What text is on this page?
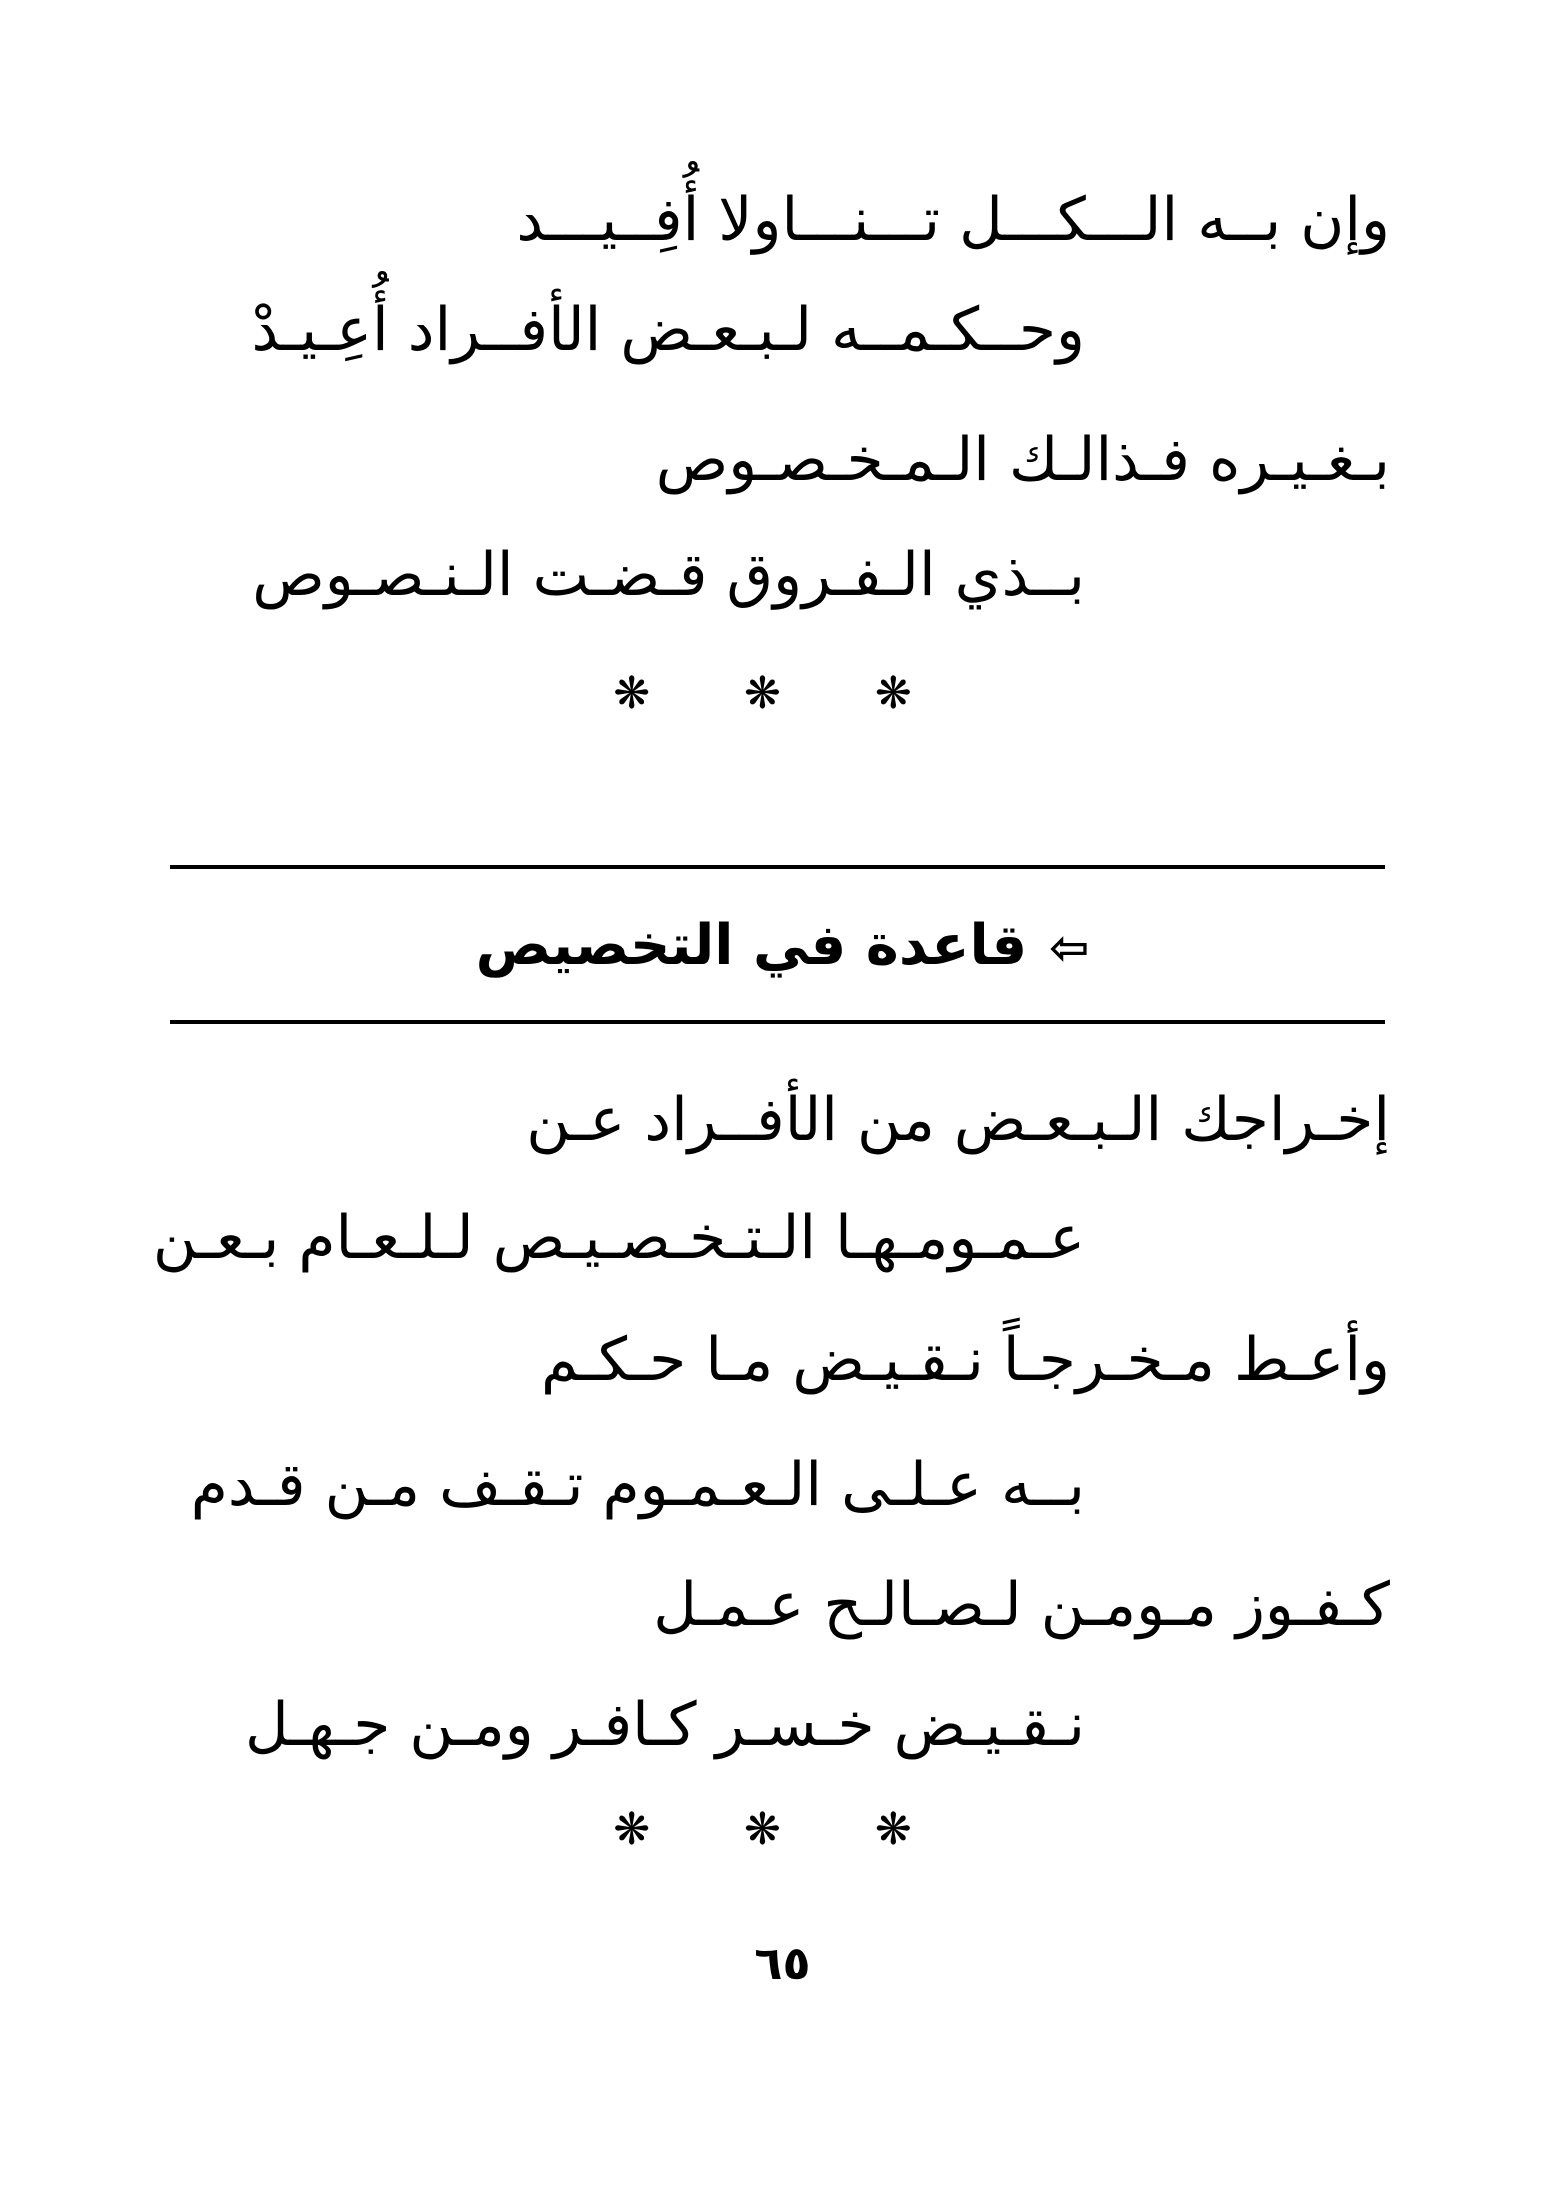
وإن بــه الـــكـــل تـــنـــاولا أُفِــيـــد
وحــكـمــه لـبـعـض الأفــراد أُعِـيـدْ
بـغـيـره فـذالـك الـمـخـصـوص
بــذي الـفـروق قـضـت الـنـصـوص
❋ ❋ ❋
⇦قاعدة في التخصيص
إخـراجك الـبـعـض من الأفــراد عـن
عـمـومـهـا الـتـخـصـيـص لـلـعـام بـعـن
وأعـط مـخـرجـاً نـقـيـض مـا حـكـم
بــه عـلـى الـعـمـوم تـقـف مـن قـدم
كـفـوز مـومـن لـصـالـح عـمـل
نـقـيـض خـسـر كـافـر ومـن جـهـل
❋ ❋ ❋
٦٥
